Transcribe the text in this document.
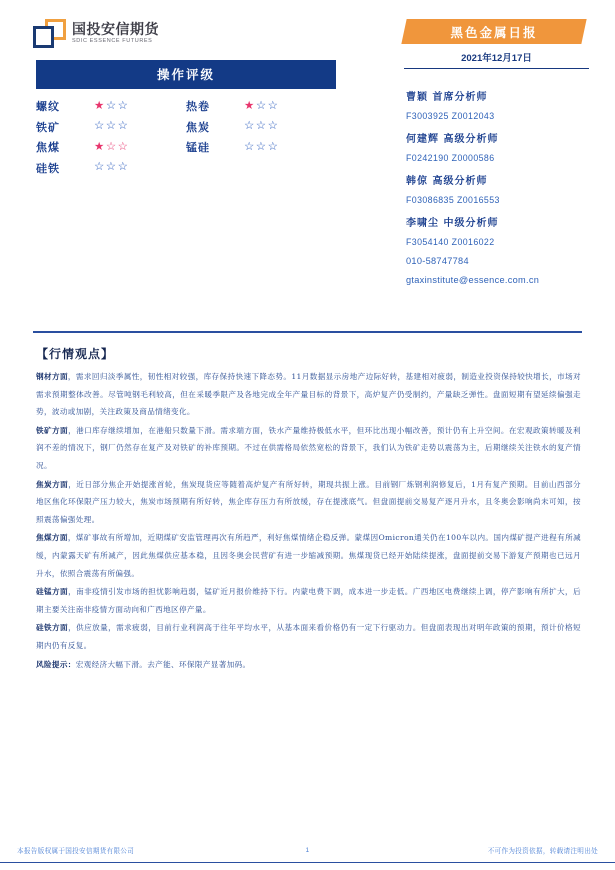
国投安信期货
SDIC ESSENCE FUTURES
操作评级
螺纹	★☆☆	热卷	★☆☆
铁矿	☆☆☆	焦炭	☆☆☆
焦煤	★☆☆	锰硅	☆☆☆
硅铁	☆☆☆
黑色金属日报
2021年12月17日
曹颖 首席分析师
F3003925 Z0012043
何建辉 高级分析师
F0242190 Z0000586
韩倞 高级分析师
F03086835 Z0016553
李啸尘 中级分析师
F3054140 Z0016022
010-58747784
gtaxinstitute@essence.com.cn
【行情观点】

钢材方面，需求回归淡季属性，韧性相对较强，库存保持快速下降态势。11月数据显示房地产边际好转，基建相对疲弱，制造业投资保持较快增长，市场对需求预期整体改善。尽管吨钢毛利较高，但在采暖季限产及各地完成全年产量目标的背景下，高炉复产仍受制约，产量缺乏弹性。盘面短期有望延续偏强走势，波动或加剧，关注政策及商品情绪变化。

铁矿方面，港口库存继续增加，在港船只数量下滑。需求端方面，铁水产量维持极低水平，但环比出现小幅改善，预计仍有上升空间。在宏观政策转暖及利润不差的情况下，钢厂仍然存在复产及对铁矿的补库预期。不过在供需格局依然宽松的背景下，我们认为铁矿走势以震荡为主，后期继续关注铁水的复产情况。

焦炭方面，近日部分焦企开始提涨首轮，焦炭现货应等随着高炉复产有所好转，期现共振上涨。目前钢厂炼钢利润修复后，1月有复产预期。目前山西部分地区焦化环保限产压力较大，焦炭市场预期有所好转，焦企库存压力有所放缓，存在提涨底气。但盘面提前交易复产逐月升水，且冬奥会影响尚未可知，按照震荡偏强处理。

焦煤方面，煤矿事故有所增加，近期煤矿安监管理再次有所趋严，利好焦煤情绪企稳反弹。蒙煤因Omicron通关仍在100车以内。国内煤矿提产进程有所减缓，内蒙露天矿有所减产，因此焦煤供应基本稳，且因冬奥会民营矿有进一步缩减预期。焦煤现货已经开始陆续提涨，盘面提前交易下游复产预期也已远月升水，依照合震荡有所偏强。

硅锰方面，南非疫情引发市场的担忧影响趋弱，锰矿近月报价维持下行。内蒙电费下调，成本进一步走低。广西地区电费继续上调，停产影响有所扩大，后期主要关注南非疫情方面动向和广西地区停产量。

硅铁方面，供应放量，需求疲弱，目前行业利润高于往年平均水平，从基本面来看价格仍有一定下行驱动力。但盘面表现出对明年政策的预期，预计价格短期内仍有反复。

风险提示：宏观经济大幅下滑。去产能、环保限产显著加码。

本报告版权属于国投安信期货有限公司	1	不可作为投资依据，转载请注明出处
